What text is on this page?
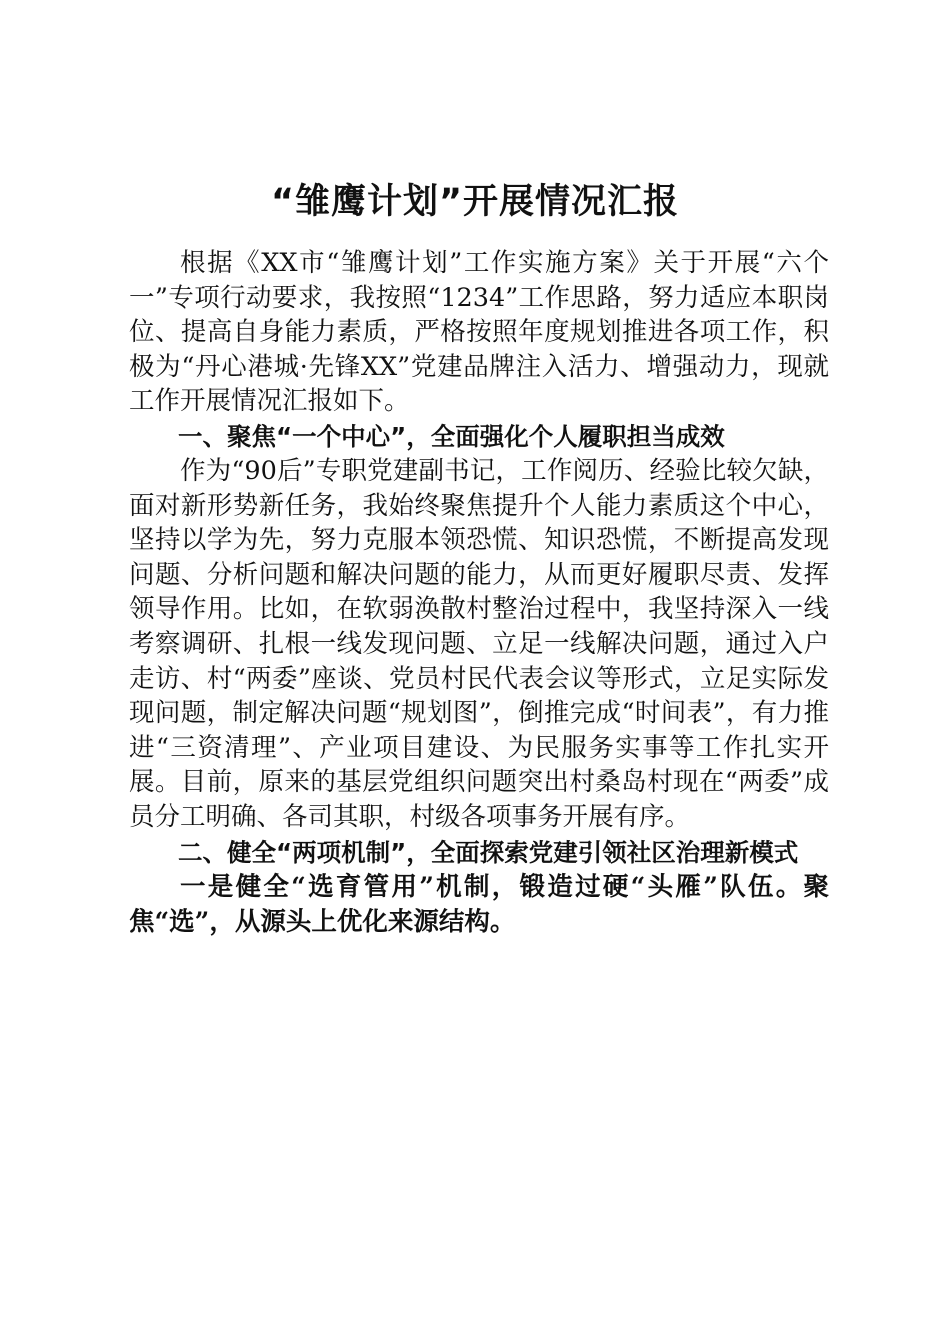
“雏鹰计划”开展情况汇报

根据《XX市“雏鹰计划”工作实施方案》关于开展“六个一”专项行动要求，我按照“1234”工作思路，努力适应本职岗位、提高自身能力素质，严格按照年度规划推进各项工作，积极为“丹心港城·先锋XX”党建品牌注入活力、增强动力，现就工作开展情况汇报如下。

一、聚焦“一个中心”，全面强化个人履职担当成效

作为“90后”专职党建副书记，工作阅历、经验比较欠缺，面对新形势新任务，我始终聚焦提升个人能力素质这个中心，坚持以学为先，努力克服本领恐慌、知识恐慌，不断提高发现问题、分析问题和解决问题的能力，从而更好履职尽责、发挥领导作用。比如，在软弱涣散村整治过程中，我坚持深入一线考察调研、扎根一线发现问题、立足一线解决问题，通过入户走访、村“两委”座谈、党员村民代表会议等形式，立足实际发现问题，制定解决问题“规划图”，倒推完成“时间表”，有力推进“三资清理”、产业项目建设、为民服务实事等工作扎实开展。目前，原来的基层党组织问题突出村桑岛村现在“两委”成员分工明确、各司其职，村级各项事务开展有序。

二、健全“两项机制”，全面探索党建引领社区治理新模式

一是健全“选育管用”机制，锻造过硬“头雁”队伍。聚焦“选”，从源头上优化来源结构。
